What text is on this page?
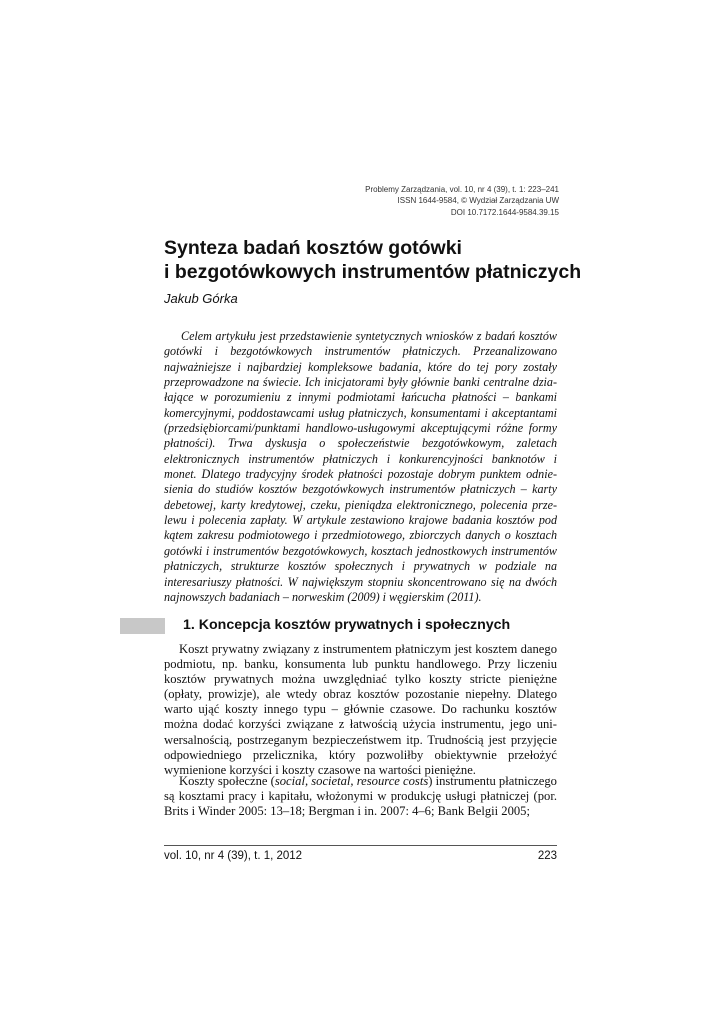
Problemy Zarządzania, vol. 10, nr 4 (39), t. 1: 223–241
ISSN 1644-9584, © Wydział Zarządzania UW
DOI 10.7172.1644-9584.39.15
Synteza badań kosztów gotówki
i bezgotówkowych instrumentów płatniczych
Jakub Górka

Celem artykułu jest przedstawienie syntetycznych wniosków z badań kosztów gotówki i bezgotówkowych instrumentów płatniczych. Przeanalizowano najważniejsze i najbardziej kompleksowe badania, które do tej pory zostały przeprowadzone na świecie. Ich inicjatorami były głównie banki centralne działające w porozumieniu z innymi podmiotami łańcucha płatności – bankami komercyjnymi, poddostawcami usług płatniczych, konsumentami i akceptantami (przedsiębiorcami/punktami handlowo-usługowymi akceptującymi różne formy płatności). Trwa dyskusja o społeczeństwie bezgotówkowym, zaletach elektronicznych instrumentów płatniczych i konkurencyjności banknotów i monet. Dlatego tradycyjny środek płatności pozostaje dobrym punktem odniesienia do studiów kosztów bezgotówkowych instrumentów płatniczych – karty debetowej, karty kredytowej, czeku, pieniądza elektronicznego, polecenia przelewu i polecenia zapłaty. W artykule zestawiono krajowe badania kosztów pod kątem zakresu podmiotowego i przedmiotowego, zbiorczych danych o kosztach gotówki i instrumentów bezgotówkowych, kosztach jednostkowych instrumentów płatniczych, strukturze kosztów społecznych i prywatnych w podziale na interesariuszy płatności. W największym stopniu skoncentrowano się na dwóch najnowszych badaniach – norweskim (2009) i węgierskim (2011).

1. Koncepcja kosztów prywatnych i społecznych

Koszt prywatny związany z instrumentem płatniczym jest kosztem danego podmiotu, np. banku, konsumenta lub punktu handlowego. Przy liczeniu kosztów prywatnych można uwzględniać tylko koszty stricte pieniężne (opłaty, prowizje), ale wtedy obraz kosztów pozostanie niepełny. Dlatego warto ująć koszty innego typu – głównie czasowe. Do rachunku kosztów można dodać korzyści związane z łatwością użycia instrumentu, jego uniwersalnością, postrzeganym bezpieczeństwem itp. Trudnością jest przyjęcie odpowiedniego przelicznika, który pozwoliłby obiektywnie przełożyć wymienione korzyści i koszty czasowe na wartości pieniężne.

Koszty społeczne (social, societal, resource costs) instrumentu płatniczego są kosztami pracy i kapitału, włożonymi w produkcję usługi płatniczej (por. Brits i Winder 2005: 13–18; Bergman i in. 2007: 4–6; Bank Belgii 2005;

vol. 10, nr 4 (39), t. 1, 2012	223
